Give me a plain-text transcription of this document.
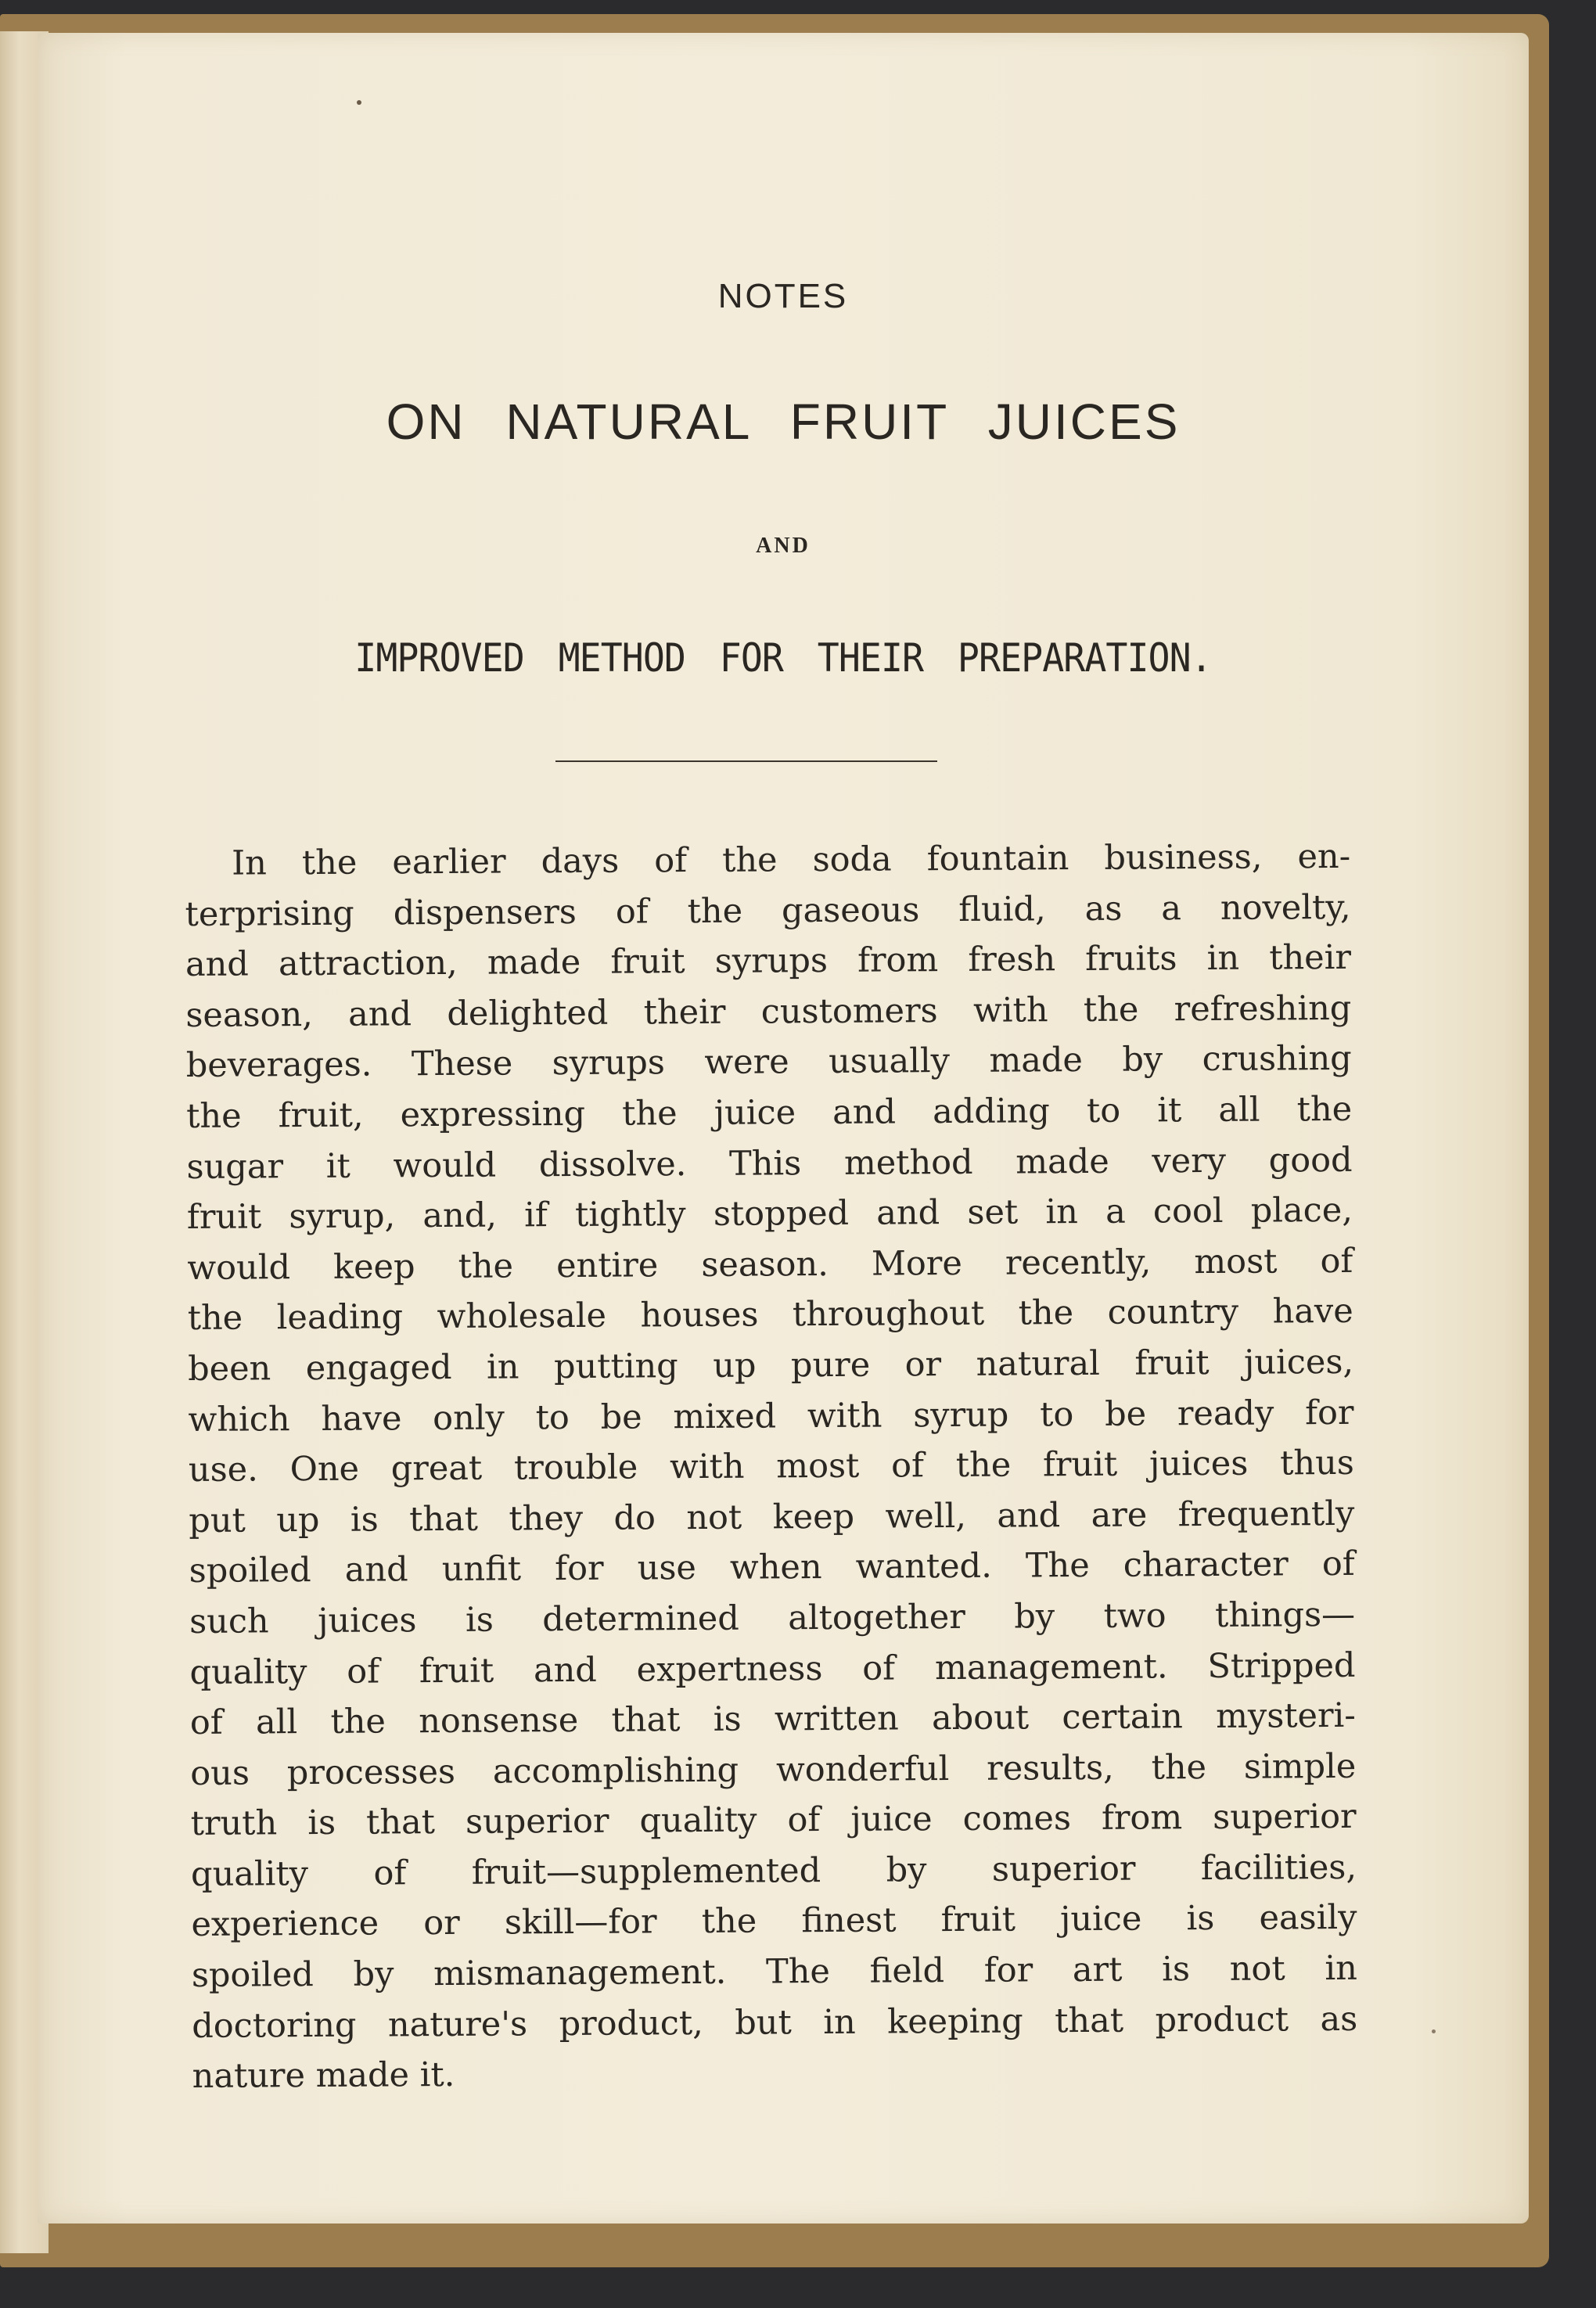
NOTES
ON NATURAL FRUIT JUICES
AND
IMPROVED METHOD FOR THEIR PREPARATION.
In the earlier days of the soda fountain business, en-
terprising dispensers of the gaseous fluid, as a novelty,
and attraction, made fruit syrups from fresh fruits in their
season, and delighted their customers with the refreshing
beverages. These syrups were usually made by crushing
the fruit, expressing the juice and adding to it all the
sugar it would dissolve. This method made very good
fruit syrup, and, if tightly stopped and set in a cool place,
would keep the entire season. More recently, most of
the leading wholesale houses throughout the country have
been engaged in putting up pure or natural fruit juices,
which have only to be mixed with syrup to be ready for
use. One great trouble with most of the fruit juices thus
put up is that they do not keep well, and are frequently
spoiled and unfit for use when wanted. The character of
such juices is determined altogether by two things—
quality of fruit and expertness of management. Stripped
of all the nonsense that is written about certain mysteri-
ous processes accomplishing wonderful results, the simple
truth is that superior quality of juice comes from superior
quality of fruit—supplemented by superior facilities,
experience or skill—for the finest fruit juice is easily
spoiled by mismanagement. The field for art is not in
doctoring nature's product, but in keeping that product as
nature made it.
